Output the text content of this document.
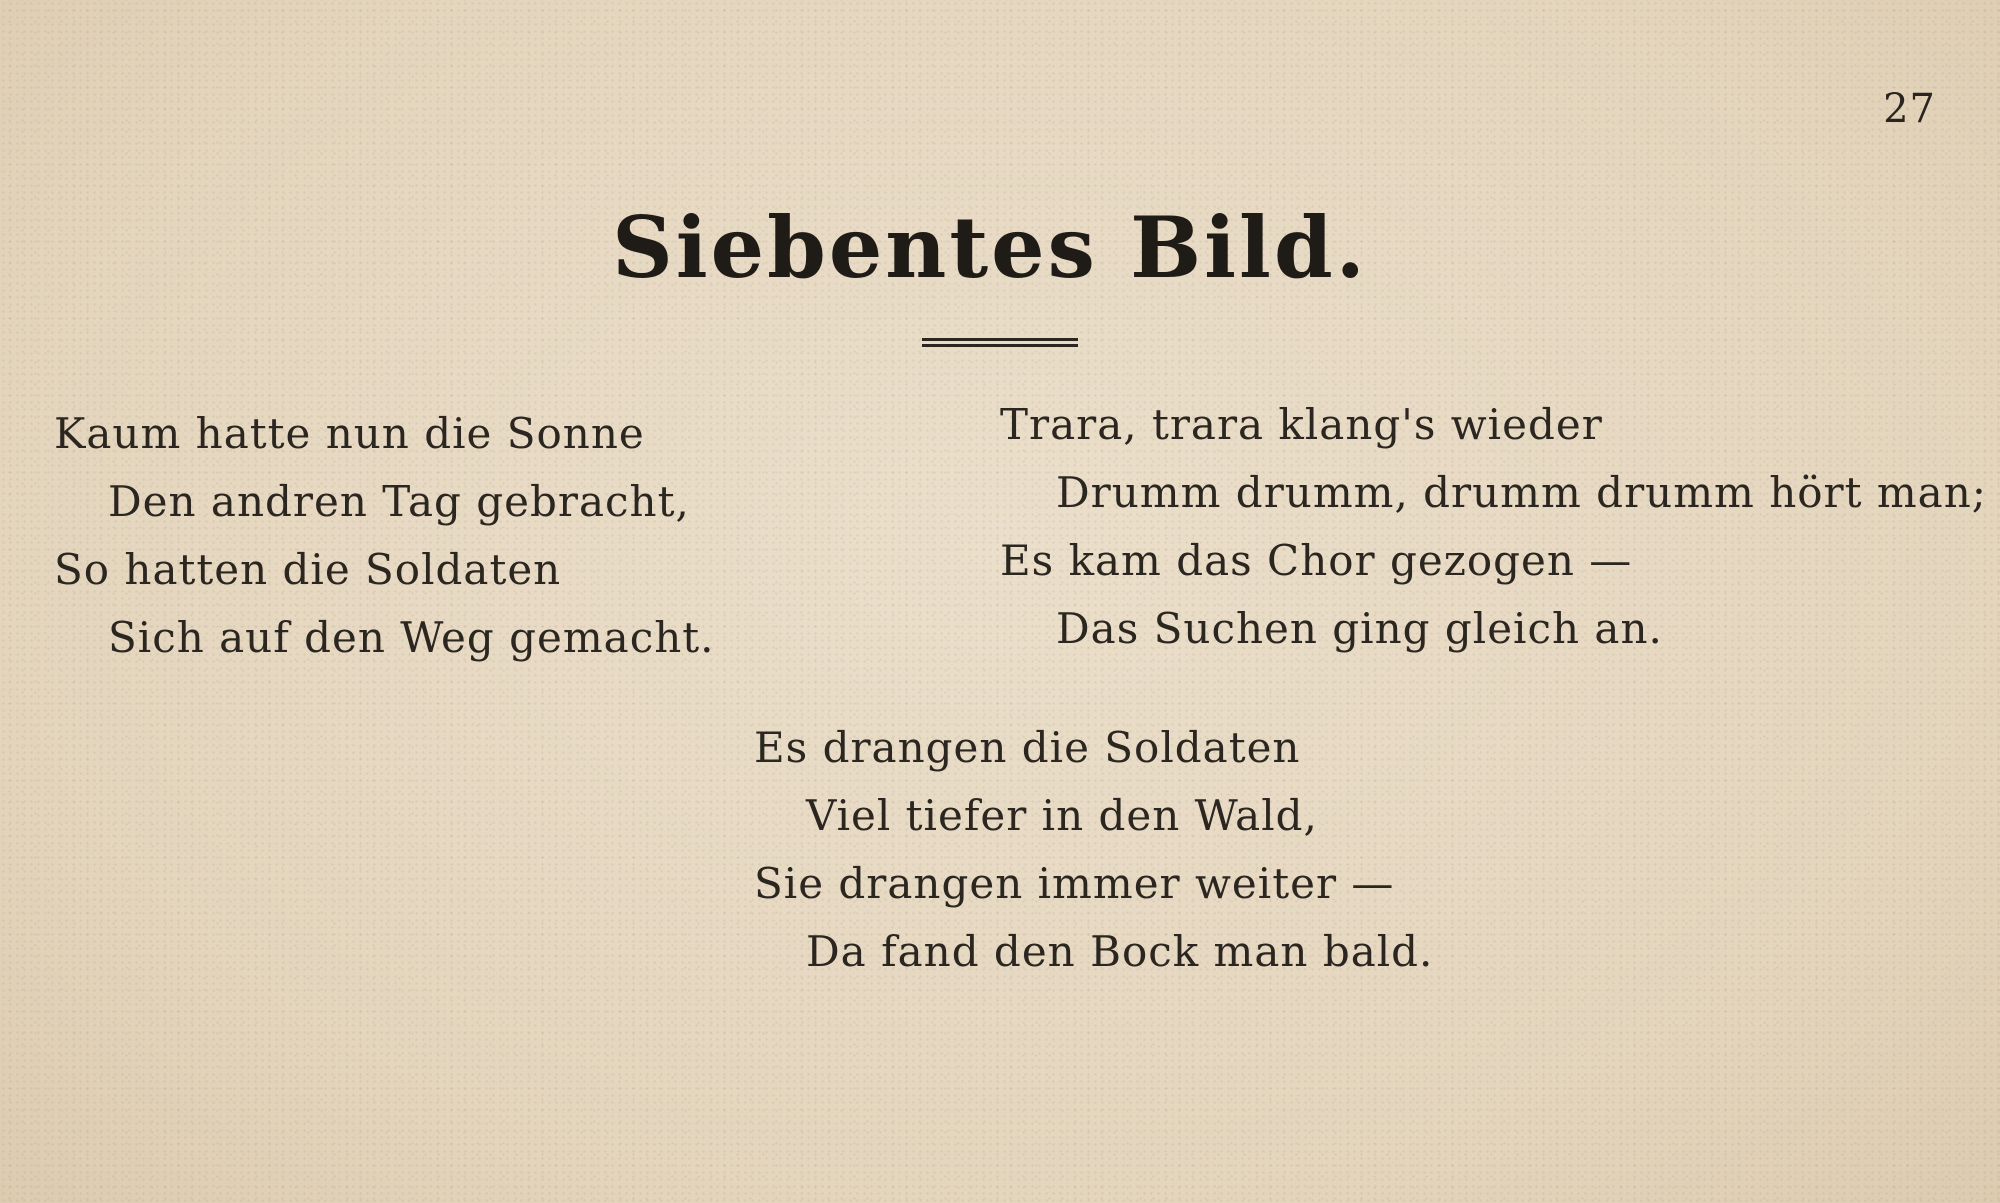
27
Siebentes Bild.
Kaum hatte nun die Sonne
Den andren Tag gebracht,
So hatten die Soldaten
Sich auf den Weg gemacht.
Trara, trara klang's wieder
Drumm drumm, drumm drumm hört man;
Es kam das Chor gezogen —
Das Suchen ging gleich an.
Es drangen die Soldaten
Viel tiefer in den Wald,
Sie drangen immer weiter —
Da fand den Bock man bald.
